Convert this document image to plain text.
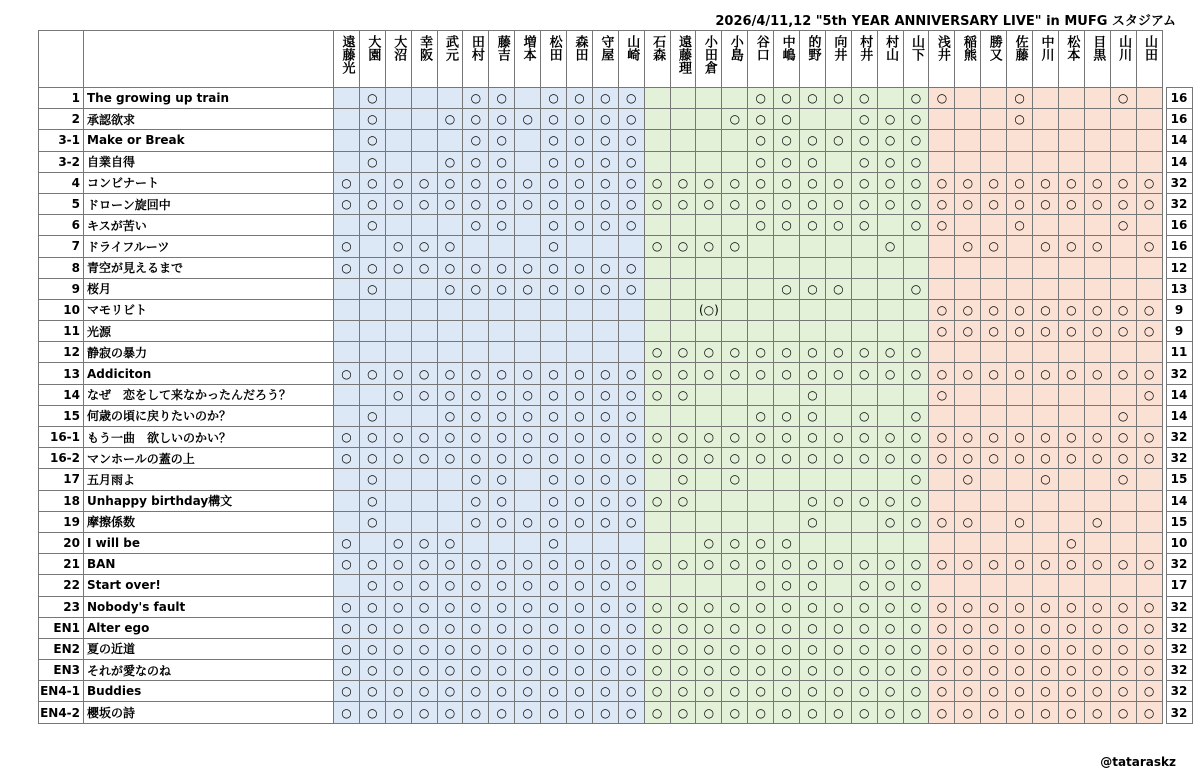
2026/4/11,12 "5th YEAR ANNIVERSARY LIVE" in MUFG スタジアム
		遠藤光	大園	大沼	幸阪	武元	田村	藤吉	増本	松田	森田	守屋	山崎	石森	遠藤理	小田倉	小島	谷口	中嶋	的野	向井	村井	村山	山下	浅井	稲熊	勝又	佐藤	中川	松本	目黒	山川	山田		
1	The growing up train		○				○	○		○	○	○	○					○	○	○	○	○		○	○			○				○			16
2	承認欲求		○			○	○	○	○	○	○	○	○				○	○	○			○	○	○				○							16
3-1	Make or Break		○				○	○		○	○	○	○					○	○	○	○	○	○	○											14
3-2	自業自得		○			○	○	○		○	○	○	○					○	○	○		○	○	○											14
4	コンビナート	○	○	○	○	○	○	○	○	○	○	○	○	○	○	○	○	○	○	○	○	○	○	○	○	○	○	○	○	○	○	○	○		32
5	ドローン旋回中	○	○	○	○	○	○	○	○	○	○	○	○	○	○	○	○	○	○	○	○	○	○	○	○	○	○	○	○	○	○	○	○		32
6	キスが苦い		○				○	○		○	○	○	○					○	○	○	○	○		○	○			○				○			16
7	ドライフルーツ	○		○	○	○				○				○	○	○	○						○			○	○		○	○	○		○		16
8	青空が見えるまで	○	○	○	○	○	○	○	○	○	○	○	○																						12
9	桜月		○			○	○	○	○	○	○	○	○						○	○	○			○											13
10	マモリビト															(○)									○	○	○	○	○	○	○	○	○		9
11	光源																								○	○	○	○	○	○	○	○	○		9
12	静寂の暴力													○	○	○	○	○	○	○	○	○	○	○											11
13	Addiciton	○	○	○	○	○	○	○	○	○	○	○	○	○	○	○	○	○	○	○	○	○	○	○	○	○	○	○	○	○	○	○	○		32
14	なぜ　恋をして来なかったんだろう？			○	○	○	○	○	○	○	○	○	○	○	○					○					○								○		14
15	何歳の頃に戻りたいのか？		○			○	○	○	○	○	○	○	○					○	○	○		○		○								○			14
16-1	もう一曲　欲しいのかい？	○	○	○	○	○	○	○	○	○	○	○	○	○	○	○	○	○	○	○	○	○	○	○	○	○	○	○	○	○	○	○	○		32
16-2	マンホールの蓋の上	○	○	○	○	○	○	○	○	○	○	○	○	○	○	○	○	○	○	○	○	○	○	○	○	○	○	○	○	○	○	○	○		32
17	五月雨よ		○				○	○		○	○	○	○		○		○							○		○			○			○			15
18	Unhappy birthday構文		○				○	○		○	○	○	○	○	○					○	○	○	○	○											14
19	摩擦係数		○				○	○	○	○	○	○	○							○			○	○	○	○		○			○				15
20	I will be	○		○	○	○				○						○	○	○	○											○					10
21	BAN	○	○	○	○	○	○	○	○	○	○	○	○	○	○	○	○	○	○	○	○	○	○	○	○	○	○	○	○	○	○	○	○		32
22	Start over!		○	○	○	○	○	○	○	○	○	○	○					○	○	○		○	○	○											17
23	Nobody's fault	○	○	○	○	○	○	○	○	○	○	○	○	○	○	○	○	○	○	○	○	○	○	○	○	○	○	○	○	○	○	○	○		32
EN1	Alter ego	○	○	○	○	○	○	○	○	○	○	○	○	○	○	○	○	○	○	○	○	○	○	○	○	○	○	○	○	○	○	○	○		32
EN2	夏の近道	○	○	○	○	○	○	○	○	○	○	○	○	○	○	○	○	○	○	○	○	○	○	○	○	○	○	○	○	○	○	○	○		32
EN3	それが愛なのね	○	○	○	○	○	○	○	○	○	○	○	○	○	○	○	○	○	○	○	○	○	○	○	○	○	○	○	○	○	○	○	○		32
EN4-1	Buddies	○	○	○	○	○	○	○	○	○	○	○	○	○	○	○	○	○	○	○	○	○	○	○	○	○	○	○	○	○	○	○	○		32
EN4-2	櫻坂の詩	○	○	○	○	○	○	○	○	○	○	○	○	○	○	○	○	○	○	○	○	○	○	○	○	○	○	○	○	○	○	○	○		32
@tataraskz
